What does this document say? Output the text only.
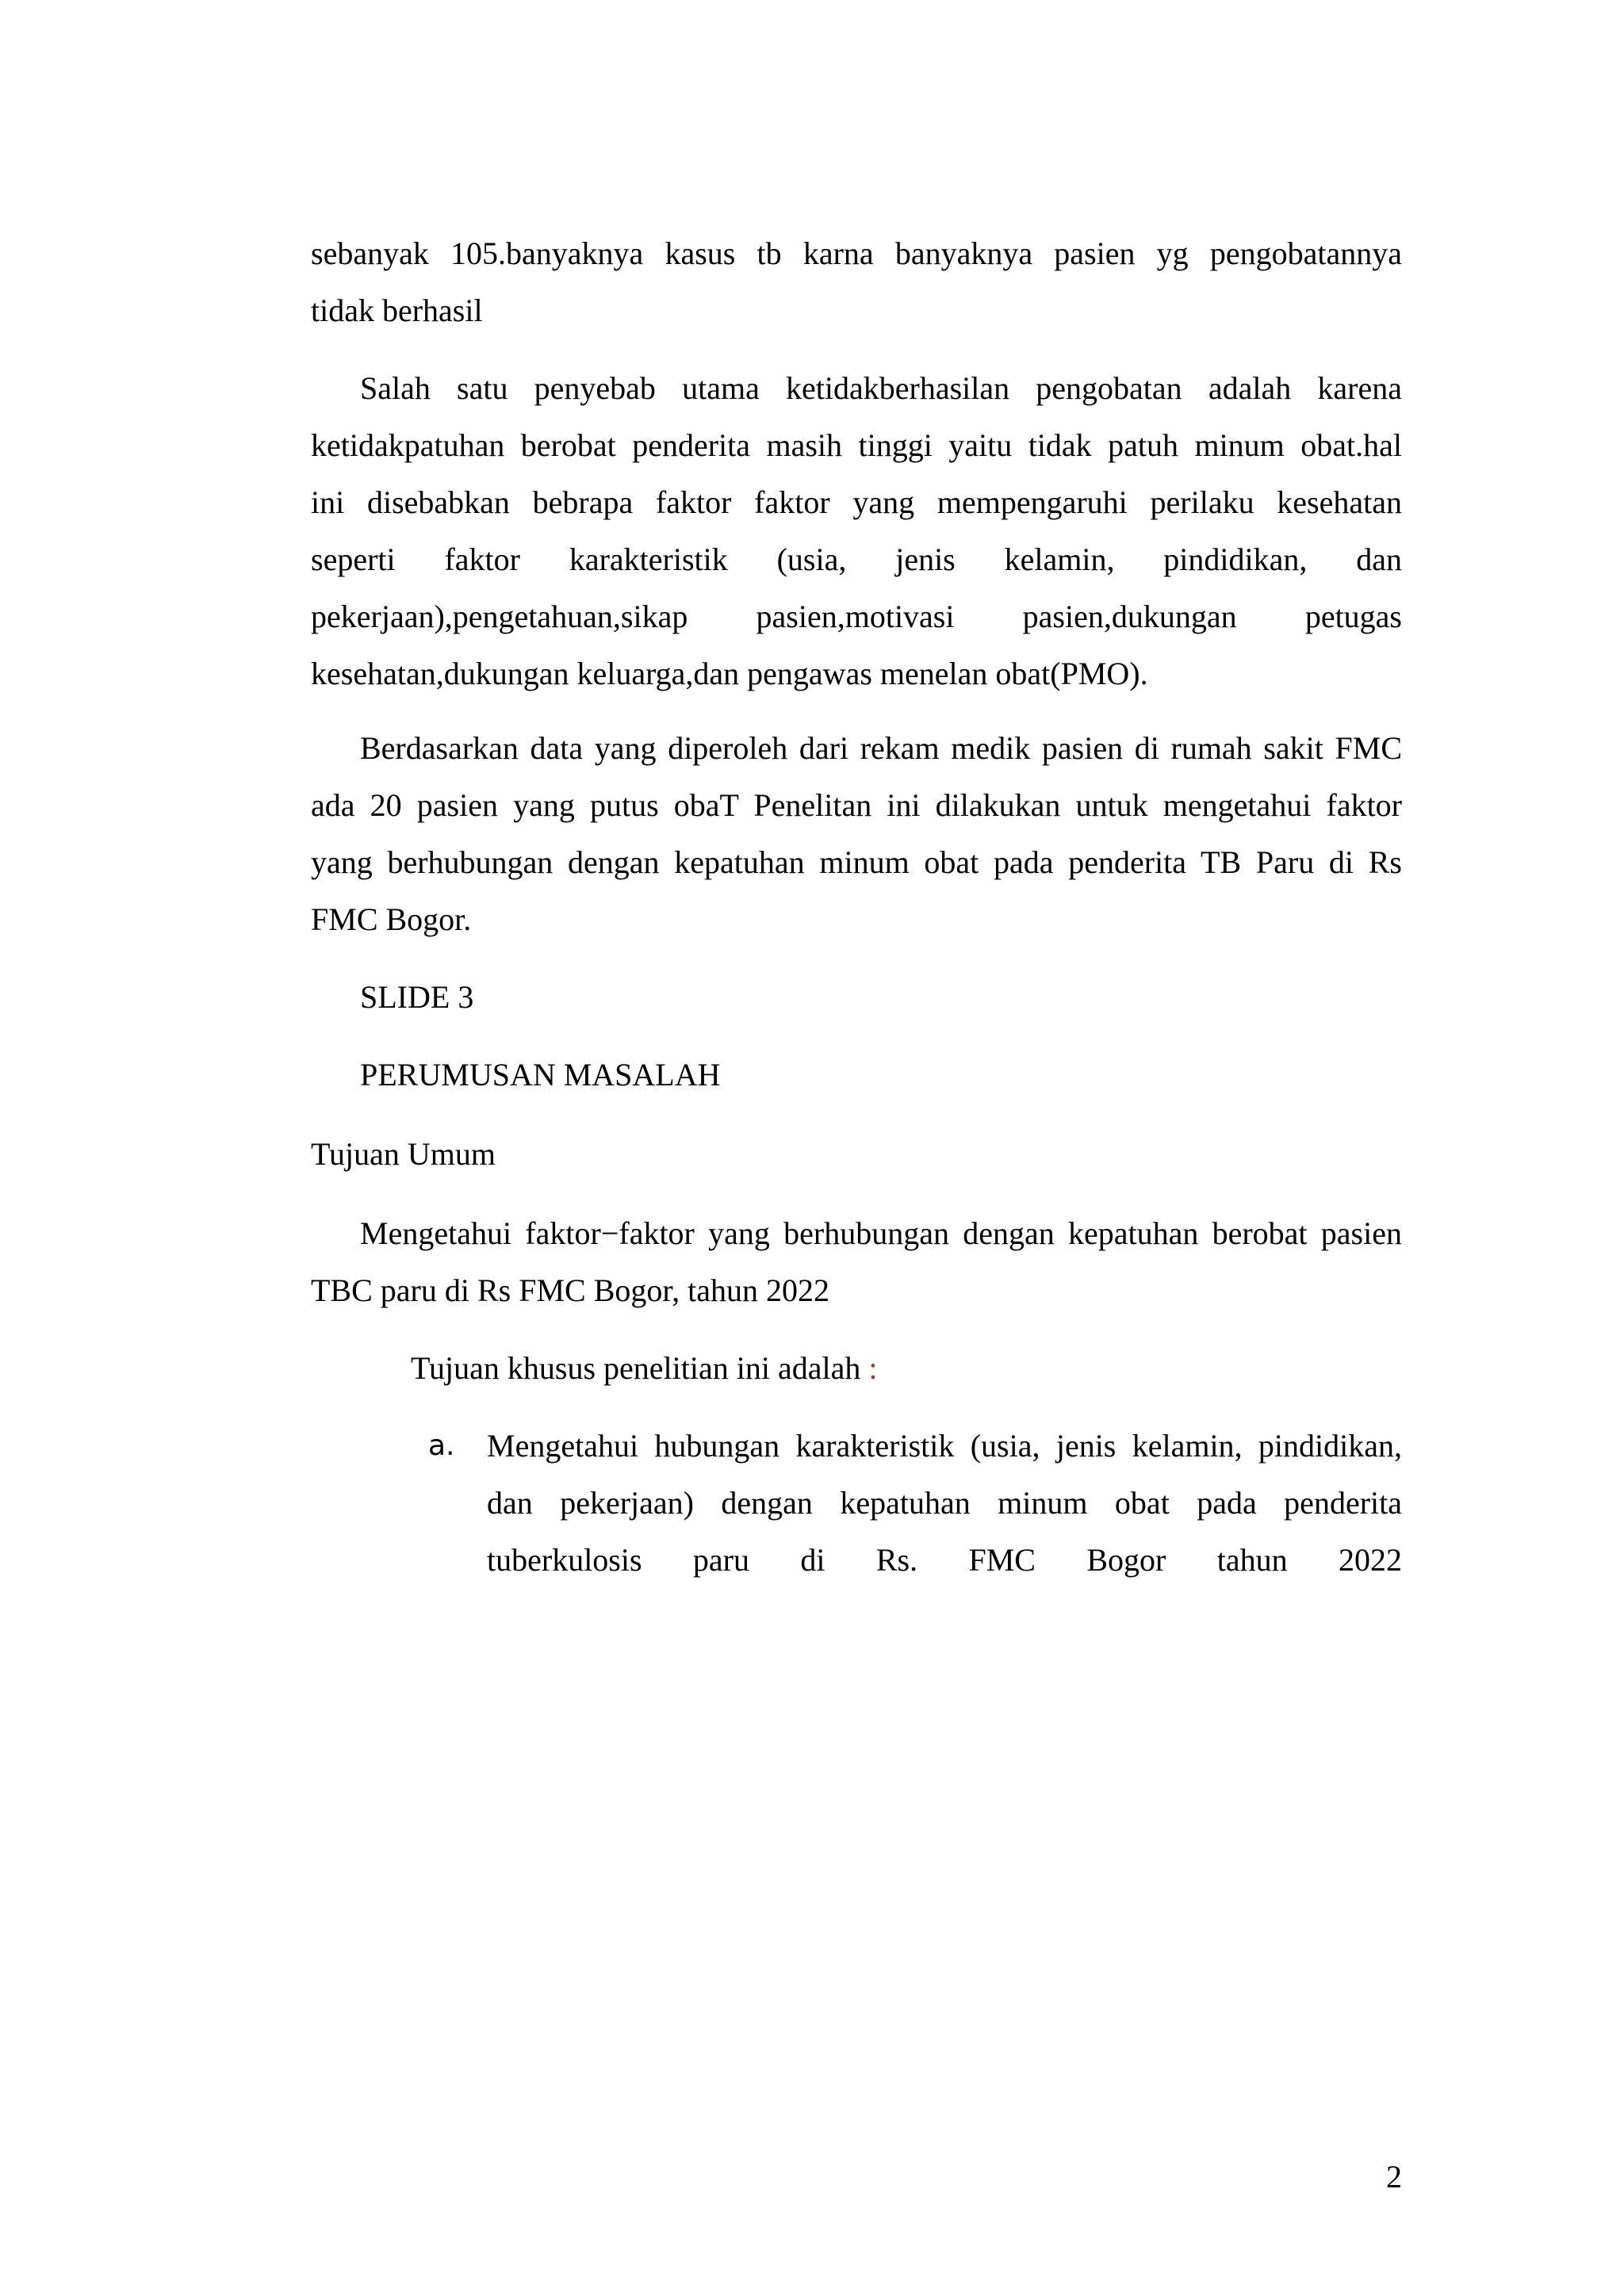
sebanyak 105.banyaknya kasus tb karna banyaknya pasien yg pengobatannya
tidak berhasil
Salah satu penyebab utama ketidakberhasilan pengobatan adalah karena
ketidakpatuhan berobat penderita masih tinggi yaitu tidak patuh minum obat.hal
ini disebabkan bebrapa faktor faktor yang mempengaruhi perilaku kesehatan
seperti faktor karakteristik (usia, jenis kelamin, pindidikan, dan
pekerjaan),pengetahuan,sikap pasien,motivasi pasien,dukungan petugas
kesehatan,dukungan keluarga,dan pengawas menelan obat(PMO).
Berdasarkan data yang diperoleh dari rekam medik pasien di rumah sakit FMC
ada 20 pasien yang putus obaT Penelitan ini dilakukan untuk mengetahui faktor
yang berhubungan dengan kepatuhan minum obat pada penderita TB Paru di Rs
FMC Bogor.
SLIDE 3
PERUMUSAN MASALAH
Tujuan Umum
Mengetahui faktor−faktor yang berhubungan dengan kepatuhan berobat pasien
TBC paru di Rs FMC Bogor, tahun 2022
Tujuan khusus penelitian ini adalah :
a. Mengetahui hubungan karakteristik (usia, jenis kelamin, pindidikan,
dan pekerjaan) dengan kepatuhan minum obat pada penderita
tuberkulosis paru di Rs. FMC Bogor tahun 2022
2
